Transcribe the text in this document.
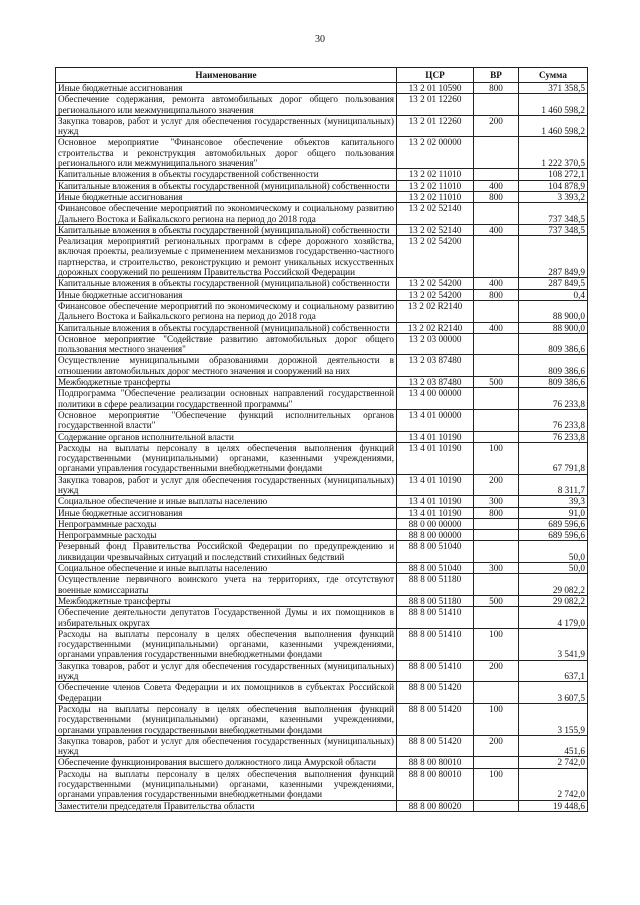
30
Наименование	ЦСР	ВР	Сумма
Иные бюджетные ассигнования	13 2 01 10590	800	371 358,5
Обеспечение содержания, ремонта автомобильных дорог общего пользования регионального или межмуниципального значения	13 2 01 12260		1 460 598,2
Закупка товаров, работ и услуг для обеспечения государственных (муниципальных) нужд	13 2 01 12260	200	1 460 598,2
Основное мероприятие "Финансовое обеспечение объектов капитального строительства и реконструкция автомобильных дорог общего пользования регионального или межмуниципального значения"	13 2 02 00000		1 222 370,5
Капитальные вложения в объекты государственной собственности	13 2 02 11010		108 272,1
Капитальные вложения в объекты государственной (муниципальной) собственности	13 2 02 11010	400	104 878,9
Иные бюджетные ассигнования	13 2 02 11010	800	3 393,2
Финансовое обеспечение мероприятий по экономическому и социальному развитию Дальнего Востока и Байкальского региона на период до 2018 года	13 2 02 52140		737 348,5
Капитальные вложения в объекты государственной (муниципальной) собственности	13 2 02 52140	400	737 348,5
Реализация мероприятий региональных программ в сфере дорожного хозяйства, включая проекты, реализуемые с применением механизмов государственно-частного партнерства, и строительство, реконструкцию и ремонт уникальных искусственных дорожных сооружений по решениям Правительства Российской Федерации	13 2 02 54200		287 849,9
Капитальные вложения в объекты государственной (муниципальной) собственности	13 2 02 54200	400	287 849,5
Иные бюджетные ассигнования	13 2 02 54200	800	0,4
Финансовое обеспечение мероприятий по экономическому и социальному развитию Дальнего Востока и Байкальского региона на период до 2018 года	13 2 02 R2140		88 900,0
Капитальные вложения в объекты государственной (муниципальной) собственности	13 2 02 R2140	400	88 900,0
Основное мероприятие "Содействие развитию автомобильных дорог общего пользования местного значения"	13 2 03 00000		809 386,6
Осуществление муниципальными образованиями дорожной деятельности в отношении автомобильных дорог местного значения и сооружений на них	13 2 03 87480		809 386,6
Межбюджетные трансферты	13 2 03 87480	500	809 386,6
Подпрограмма "Обеспечение реализации основных направлений государственной политики в сфере реализации государственной программы"	13 4 00 00000		76 233,8
Основное мероприятие "Обеспечение функций исполнительных органов государственной власти"	13 4 01 00000		76 233,8
Содержание органов исполнительной власти	13 4 01 10190		76 233,8
Расходы на выплаты персоналу в целях обеспечения выполнения функций государственными (муниципальными) органами, казенными учреждениями, органами управления государственными внебюджетными фондами	13 4 01 10190	100	67 791,8
Закупка товаров, работ и услуг для обеспечения государственных (муниципальных) нужд	13 4 01 10190	200	8 311,7
Социальное обеспечение и иные выплаты населению	13 4 01 10190	300	39,3
Иные бюджетные ассигнования	13 4 01 10190	800	91,0
Непрограммные расходы	88 0 00 00000		689 596,6
Непрограммные расходы	88 8 00 00000		689 596,6
Резервный фонд Правительства Российской Федерации по предупреждению и ликвидации чрезвычайных ситуаций и последствий стихийных бедствий	88 8 00 51040		50,0
Социальное обеспечение и иные выплаты населению	88 8 00 51040	300	50,0
Осуществление первичного воинского учета на территориях, где отсутствуют военные комиссариаты	88 8 00 51180		29 082,2
Межбюджетные трансферты	88 8 00 51180	500	29 082,2
Обеспечение деятельности депутатов Государственной Думы и их помощников в избирательных округах	88 8 00 51410		4 179,0
Расходы на выплаты персоналу в целях обеспечения выполнения функций государственными (муниципальными) органами, казенными учреждениями, органами управления государственными внебюджетными фондами	88 8 00 51410	100	3 541,9
Закупка товаров, работ и услуг для обеспечения государственных (муниципальных) нужд	88 8 00 51410	200	637,1
Обеспечение членов Совета Федерации и их помощников в субъектах Российской Федерации	88 8 00 51420		3 607,5
Расходы на выплаты персоналу в целях обеспечения выполнения функций государственными (муниципальными) органами, казенными учреждениями, органами управления государственными внебюджетными фондами	88 8 00 51420	100	3 155,9
Закупка товаров, работ и услуг для обеспечения государственных (муниципальных) нужд	88 8 00 51420	200	451,6
Обеспечение функционирования высшего должностного лица Амурской области	88 8 00 80010		2 742,0
Расходы на выплаты персоналу в целях обеспечения выполнения функций государственными (муниципальными) органами, казенными учреждениями, органами управления государственными внебюджетными фондами	88 8 00 80010	100	2 742,0
Заместители председателя Правительства области	88 8 00 80020		19 448,6
